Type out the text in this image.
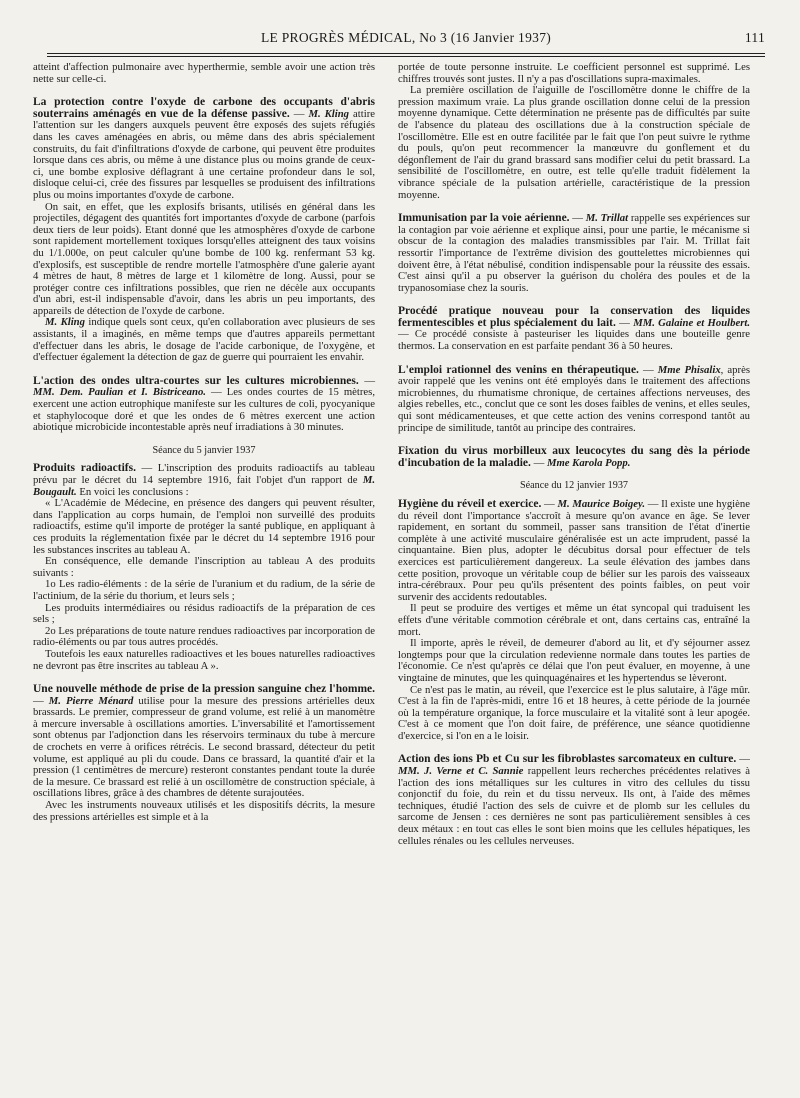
LE PROGRÈS MÉDICAL, No 3 (16 Janvier 1937)	111

atteint d'affection pulmonaire avec hyperthermie, semble avoir une action très nette sur celle-ci.

La protection contre l'oxyde de carbone des occupants d'abris souterrains aménagés en vue de la défense passive. — M. Kling attire l'attention sur les dangers auxquels peuvent être exposés des sujets réfugiés dans les caves aménagées en abris, ou même dans des abris spécialement construits, du fait d'infiltrations d'oxyde de carbone, qui peuvent être produites lorsque dans ces abris, ou même à une distance plus ou moins grande de ceux-ci, une bombe explosive déflagrant à une certaine profondeur dans le sol, disloque celui-ci, crée des fissures par lesquelles se produisent des infiltrations plus ou moins importantes d'oxyde de carbone.

On sait, en effet, que les explosifs brisants, utilisés en général dans les projectiles, dégagent des quantités fort importantes d'oxyde de carbone (parfois deux tiers de leur poids). Etant donné que les atmosphères d'oxyde de carbone sont rapidement mortellement toxiques lorsqu'elles atteignent des taux voisins du 1/1.000e, on peut calculer qu'une bombe de 100 kg. renfermant 53 kg. d'explosifs, est susceptible de rendre mortelle l'atmosphère d'une galerie ayant 4 mètres de haut, 8 mètres de large et 1 kilomètre de long. Aussi, pour se protéger contre ces infiltrations possibles, que rien ne décèle aux occupants d'un abri, est-il indispensable d'avoir, dans les abris un peu importants, des appareils de détection de l'oxyde de carbone.

M. Kling indique quels sont ceux, qu'en collaboration avec plusieurs de ses assistants, il a imaginés, en même temps que d'autres appareils permettant d'effectuer dans les abris, le dosage de l'acide carbonique, de l'oxygène, et d'effectuer également la détection de gaz de guerre qui pourraient les envahir.

L'action des ondes ultra-courtes sur les cultures microbiennes. — MM. Dem. Paulian et I. Bistriceano. — Les ondes courtes de 15 mètres, exercent une action eutrophique manifeste sur les cultures de coli, pyocyanique et staphylocoque doré et que les ondes de 6 mètres exercent une action abiotique microbicide incontestable après neuf irradiations à 30 minutes.

Séance du 5 janvier 1937

Produits radioactifs. — L'inscription des produits radioactifs au tableau prévu par le décret du 14 septembre 1916, fait l'objet d'un rapport de M. Bougault. En voici les conclusions :

« L'Académie de Médecine, en présence des dangers qui peuvent résulter, dans l'application au corps humain, de l'emploi non surveillé des produits radioactifs, estime qu'il importe de protéger la santé publique, en appliquant à ces produits la réglementation fixée par le décret du 14 septembre 1916 pour les substances inscrites au tableau A.

En conséquence, elle demande l'inscription au tableau A des produits suivants :

1o Les radio-éléments : de la série de l'uranium et du radium, de la série de l'actinium, de la série du thorium, et leurs sels ;

Les produits intermédiaires ou résidus radioactifs de la préparation de ces sels ;

2o Les préparations de toute nature rendues radioactives par incorporation de radio-éléments ou par tous autres procédés.

Toutefois les eaux naturelles radioactives et les boues naturelles radioactives ne devront pas être inscrites au tableau A ».

Une nouvelle méthode de prise de la pression sanguine chez l'homme. — M. Pierre Ménard utilise pour la mesure des pressions artérielles deux brassards. Le premier, compresseur de grand volume, est relié à un manomètre à mercure inversable à oscillations amorties. L'inversabilité et l'amortissement sont obtenus par l'adjonction dans les réservoirs terminaux du tube à mercure de crochets en verre à orifices rétrécis. Le second brassard, détecteur du petit volume, est appliqué au pli du coude. Dans ce brassard, la quantité d'air et la pression (1 centimètres de mercure) resteront constantes pendant toute la durée de la mesure. Ce brassard est relié à un oscillomètre de construction spéciale, à oscillations libres, grâce à des chambres de détente surajoutées.

Avec les instruments nouveaux utilisés et les dispositifs décrits, la mesure des pressions artérielles est simple et à la

portée de toute personne instruite. Le coefficient personnel est supprimé. Les chiffres trouvés sont justes. Il n'y a pas d'oscillations supra-maximales.

La première oscillation de l'aiguille de l'oscillomètre donne le chiffre de la pression maximum vraie. La plus grande oscillation donne celui de la pression moyenne dynamique. Cette détermination ne présente pas de difficultés par suite de l'absence du plateau des oscillations due à la construction spéciale de l'oscillomètre. Elle est en outre facilitée par le fait que l'on peut suivre le rythme du pouls, qu'on peut recommencer la manœuvre du gonflement et du dégonflement de l'air du grand brassard sans modifier celui du petit brassard. La sensibilité de l'oscillomètre, en outre, est telle qu'elle traduit fidèlement la vibrance spéciale de la pulsation artérielle, caractéristique de la pression moyenne.

Immunisation par la voie aérienne. — M. Trillat rappelle ses expériences sur la contagion par voie aérienne et explique ainsi, pour une partie, le mécanisme si obscur de la contagion des maladies transmissibles par l'air. M. Trillat fait ressortir l'importance de l'extrême division des gouttelettes microbiennes qui doivent être, à l'état nébulisé, condition indispensable pour la réussite des essais. C'est ainsi qu'il a pu observer la guérison du choléra des poules et de la trypanosomiase chez la souris.

Procédé pratique nouveau pour la conservation des liquides fermentescibles et plus spécialement du lait. — MM. Galaine et Houlbert. — Ce procédé consiste à pasteuriser les liquides dans une bouteille genre thermos. La conservation en est parfaite pendant 36 à 50 heures.

L'emploi rationnel des venins en thérapeutique. — Mme Phisalix, après avoir rappelé que les venins ont été employés dans le traitement des affections microbiennes, du rhumatisme chronique, de certaines affections nerveuses, des algies rebelles, etc., conclut que ce sont les doses faibles de venins, et elles seules, qui sont médicamenteuses, et que cette action des venins correspond tantôt au principe de similitude, tantôt au principe des contraires.

Fixation du virus morbilleux aux leucocytes du sang dès la période d'incubation de la maladie. — Mme Karola Popp.

Séance du 12 janvier 1937

Hygiène du réveil et exercice. — M. Maurice Boigey. — Il existe une hygiène du réveil dont l'importance s'accroît à mesure qu'on avance en âge. Se lever rapidement, en sortant du sommeil, passer sans transition de l'état d'inertie complète à une activité musculaire généralisée est un acte imprudent, passé la cinquantaine. Bien plus, adopter le décubitus dorsal pour effectuer de tels exercices est particulièrement dangereux. La seule élévation des jambes dans cette position, provoque un véritable coup de bélier sur les parois des vaisseaux intra-cérébraux. Pour peu qu'ils présentent des points faibles, on peut voir survenir des accidents redoutables.

Il peut se produire des vertiges et même un état syncopal qui traduisent les effets d'une véritable commotion cérébrale et ont, dans certains cas, entraîné la mort.

Il importe, après le réveil, de demeurer d'abord au lit, et d'y séjourner assez longtemps pour que la circulation redevienne normale dans toutes les parties de l'économie. Ce n'est qu'après ce délai que l'on peut évaluer, en moyenne, à une vingtaine de minutes, que les quinquagénaires et les hypertendus se lèveront.

Ce n'est pas le matin, au réveil, que l'exercice est le plus salutaire, à l'âge mûr. C'est à la fin de l'après-midi, entre 16 et 18 heures, à cette période de la journée où la température organique, la force musculaire et la vitalité sont à leur apogée. C'est à ce moment que l'on doit faire, de préférence, une séance quotidienne d'exercice, si l'on en a le loisir.

Action des ions Pb et Cu sur les fibroblastes sarcomateux en culture. — MM. J. Verne et C. Sannie rappellent leurs recherches précédentes relatives à l'action des ions métalliques sur les cultures in vitro des cellules du tissu conjonctif du foie, du rein et du tissu nerveux. Ils ont, à l'aide des mêmes techniques, étudié l'action des sels de cuivre et de plomb sur les cellules du sarcome de Jensen : ces dernières ne sont pas particulièrement sensibles à ces deux métaux : en tout cas elles le sont bien moins que les cellules hépatiques, les cellules rénales ou les cellules nerveuses.
